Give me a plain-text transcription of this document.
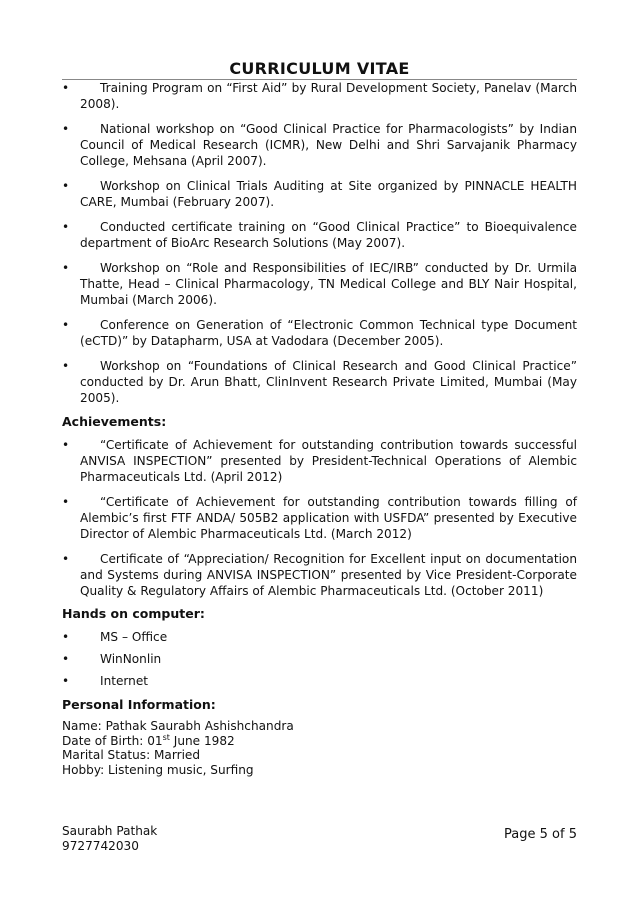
CURRICULUM VITAE
•	Training Program on “First Aid” by Rural Development Society, Panelav (March 2008).
•	National workshop on “Good Clinical Practice for Pharmacologists” by Indian Council of Medical Research (ICMR), New Delhi and Shri Sarvajanik Pharmacy College, Mehsana (April 2007).
•	Workshop on Clinical Trials Auditing at Site organized by PINNACLE HEALTH CARE, Mumbai (February 2007).
•	Conducted certificate training on “Good Clinical Practice” to Bioequivalence department of BioArc Research Solutions (May 2007).
•	Workshop on “Role and Responsibilities of IEC/IRB” conducted by Dr. Urmila Thatte, Head – Clinical Pharmacology, TN Medical College and BLY Nair Hospital, Mumbai (March 2006).
•	Conference on Generation of “Electronic Common Technical type Document (eCTD)” by Datapharm, USA at Vadodara (December 2005).
•	Workshop on “Foundations of Clinical Research and Good Clinical Practice” conducted by Dr. Arun Bhatt, ClinInvent Research Private Limited, Mumbai (May 2005).
Achievements:
•	“Certificate of Achievement for outstanding contribution towards successful ANVISA INSPECTION” presented by President-Technical Operations of Alembic Pharmaceuticals Ltd. (April 2012)
•	“Certificate of Achievement for outstanding contribution towards filling of Alembic’s first FTF ANDA/ 505B2 application with USFDA” presented by Executive Director of Alembic Pharmaceuticals Ltd. (March 2012)
•	Certificate of “Appreciation/ Recognition for Excellent input on documentation and Systems during ANVISA INSPECTION” presented by Vice President-Corporate Quality & Regulatory Affairs of Alembic Pharmaceuticals Ltd. (October 2011)
Hands on computer:
•	MS – Office
•	WinNonlin
•	Internet
Personal Information:
Name: Pathak Saurabh Ashishchandra
Date of Birth: 01st June 1982
Marital Status: Married
Hobby: Listening music, Surfing
Saurabh Pathak
9727742030
Page 5 of 5
